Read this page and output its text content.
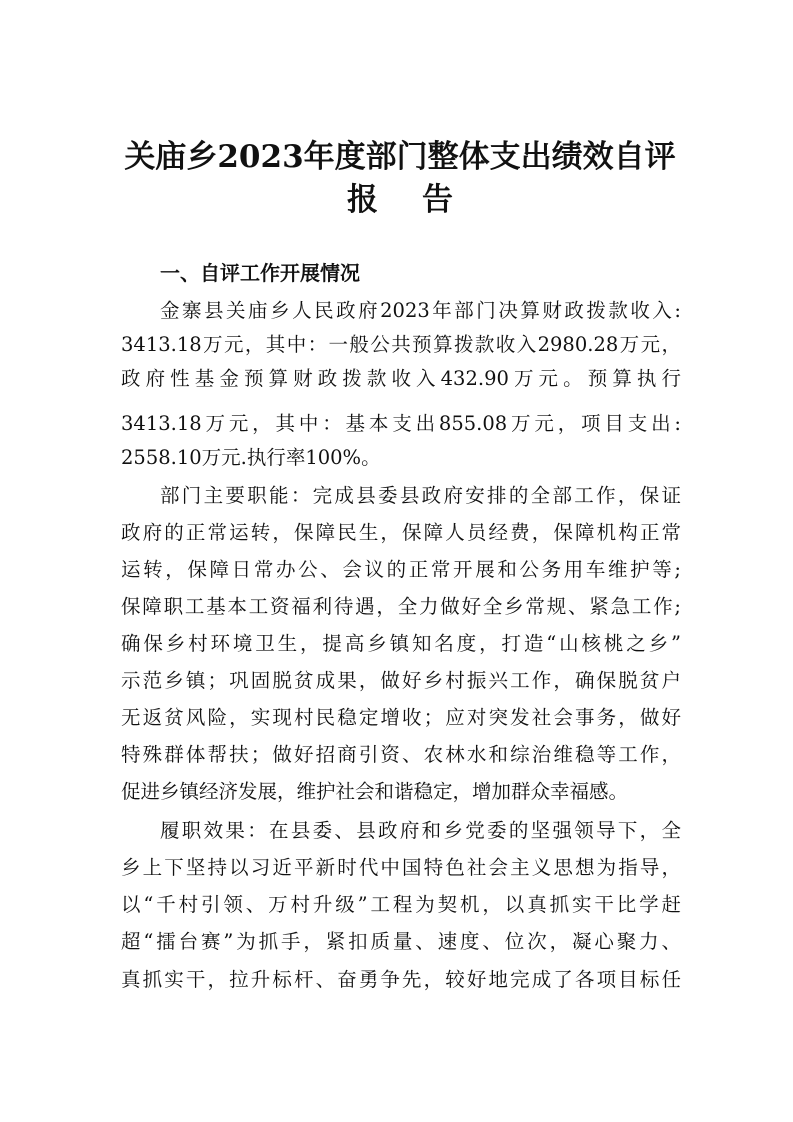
关庙乡2023年度部门整体支出绩效自评
报告
一、自评工作开展情况
金寨县关庙乡人民政府2023年部门决算财政拨款收入:
3413.18万元，其中：一般公共预算拨款收入2980.28万元，
政府性基金预算财政拨款收入432.90万元。预算执行
3413.18万元，其中：基本支出855.08万元，项目支出:
2558.10万元.执行率100%。
部门主要职能：完成县委县政府安排的全部工作，保证
政府的正常运转，保障民生，保障人员经费，保障机构正常
运转，保障日常办公、会议的正常开展和公务用车维护等;
保障职工基本工资福利待遇，全力做好全乡常规、紧急工作;
确保乡村环境卫生，提高乡镇知名度，打造“山核桃之乡”
示范乡镇；巩固脱贫成果，做好乡村振兴工作，确保脱贫户
无返贫风险，实现村民稳定增收；应对突发社会事务，做好
特殊群体帮扶；做好招商引资、农林水和综治维稳等工作，
促进乡镇经济发展，维护社会和谐稳定，增加群众幸福感。
履职效果：在县委、县政府和乡党委的坚强领导下，全
乡上下坚持以习近平新时代中国特色社会主义思想为指导，
以“千村引领、万村升级”工程为契机，以真抓实干比学赶
超“擂台赛”为抓手，紧扣质量、速度、位次，凝心聚力、
真抓实干，拉升标杆、奋勇争先，较好地完成了各项目标任
